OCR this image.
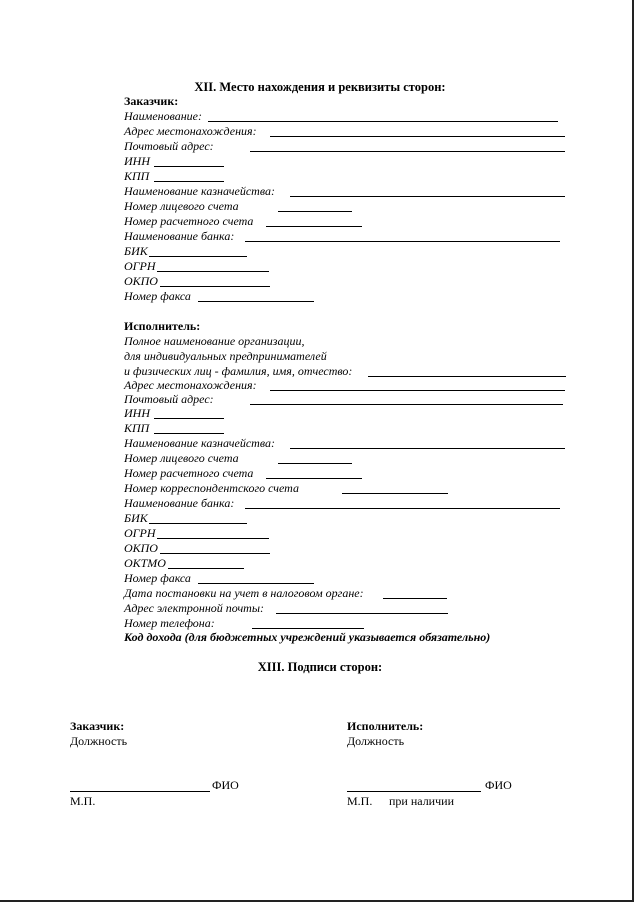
XII. Место нахождения и реквизиты сторон:
Заказчик:
Наименование:
Адрес местонахождения:
Почтовый адрес:
ИНН
КПП
Наименование казначейства:
Номер лицевого счета
Номер расчетного счета
Наименование банка:
БИК
ОГРН
ОКПО
Номер факса
Исполнитель:
Полное наименование организации,
для индивидуальных предпринимателей
и физических лиц - фамилия, имя, отчество:
Адрес местонахождения:
Почтовый адрес:
ИНН
КПП
Наименование казначейства:
Номер лицевого счета
Номер расчетного счета
Номер корреспондентского счета
Наименование банка:
БИК
ОГРН
ОКПО
ОКТМО
Номер факса
Дата постановки на учет в налоговом органе:
Адрес электронной почты:
Номер телефона:
Код дохода (для бюджетных учреждений указывается обязательно)
XIII. Подписи сторон:
Заказчик:
Должность
ФИО
М.П.
Исполнитель:
Должность
ФИО
М.П. при наличии
